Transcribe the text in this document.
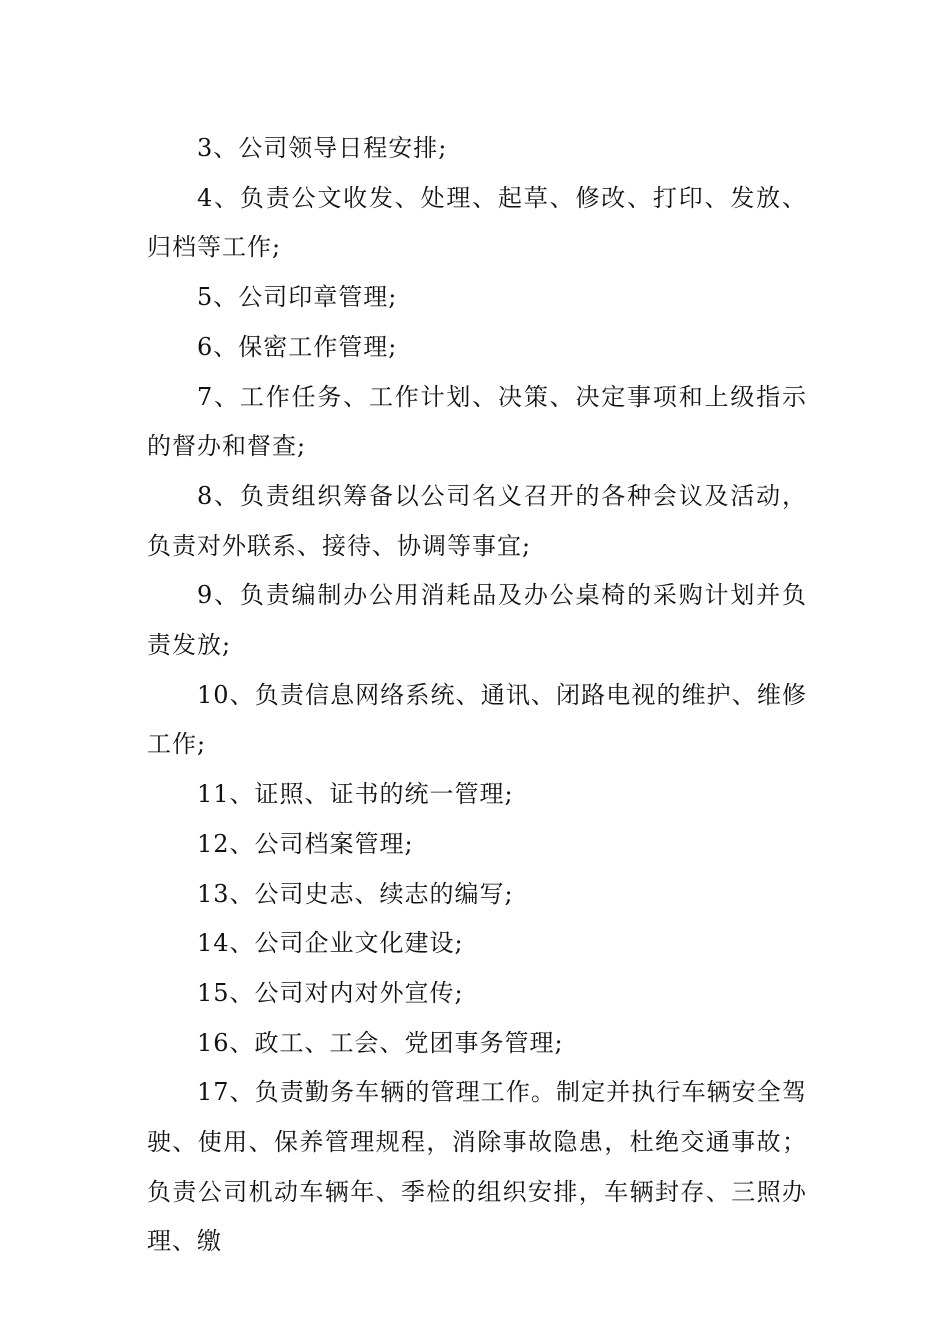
3、公司领导日程安排;

4、负责公文收发、处理、起草、修改、打印、发放、归档等工作;

5、公司印章管理;

6、保密工作管理;

7、工作任务、工作计划、决策、决定事项和上级指示的督办和督查;

8、负责组织筹备以公司名义召开的各种会议及活动，负责对外联系、接待、协调等事宜;

9、负责编制办公用消耗品及办公桌椅的采购计划并负责发放;

10、负责信息网络系统、通讯、闭路电视的维护、维修工作;

11、证照、证书的统一管理;

12、公司档案管理;

13、公司史志、续志的编写;

14、公司企业文化建设;

15、公司对内对外宣传;

16、政工、工会、党团事务管理;

17、负责勤务车辆的管理工作。制定并执行车辆安全驾驶、使用、保养管理规程，消除事故隐患，杜绝交通事故；负责公司机动车辆年、季检的组织安排，车辆封存、三照办理、缴
